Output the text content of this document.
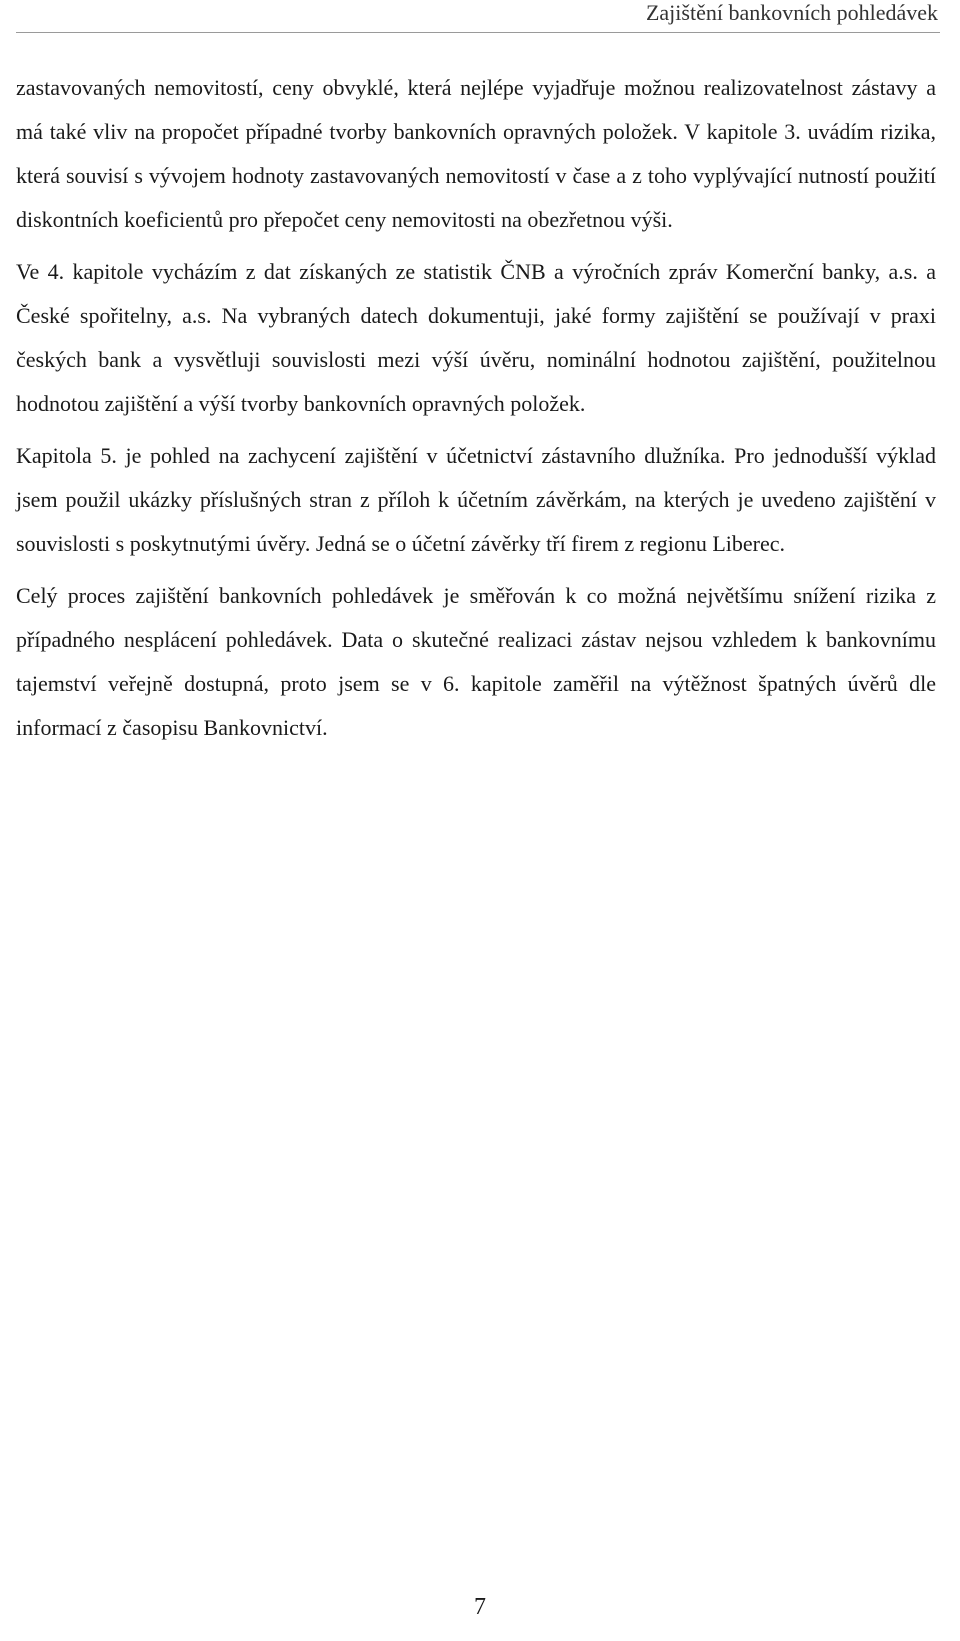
Zajištění bankovních pohledávek

zastavovaných nemovitostí, ceny obvyklé, která nejlépe vyjadřuje možnou realizovatelnost zástavy a má také vliv na propočet případné tvorby bankovních opravných položek. V kapitole 3. uvádím rizika, která souvisí s vývojem hodnoty zastavovaných nemovitostí v čase a z toho vyplývající nutností použití diskontních koeficientů pro přepočet ceny nemovitosti na obezřetnou výši.

Ve 4. kapitole vycházím z dat získaných ze statistik ČNB a výročních zpráv Komerční banky, a.s. a České spořitelny, a.s. Na vybraných datech dokumentuji, jaké formy zajištění se používají v praxi českých bank a vysvětluji souvislosti mezi výší úvěru, nominální hodnotou zajištění, použitelnou hodnotou zajištění a výší tvorby bankovních opravných položek.

Kapitola 5. je pohled na zachycení zajištění v účetnictví zástavního dlužníka. Pro jednodušší výklad jsem použil ukázky příslušných stran z příloh k účetním závěrkám, na kterých je uvedeno zajištění v souvislosti s poskytnutými úvěry. Jedná se o účetní závěrky tří firem z regionu Liberec.

Celý proces zajištění bankovních pohledávek je směřován k co možná největšímu snížení rizika z případného nesplácení pohledávek. Data o skutečné realizaci zástav nejsou vzhledem k bankovnímu tajemství veřejně dostupná, proto jsem se v 6. kapitole zaměřil na výtěžnost špatných úvěrů dle informací z časopisu Bankovnictví.

7
